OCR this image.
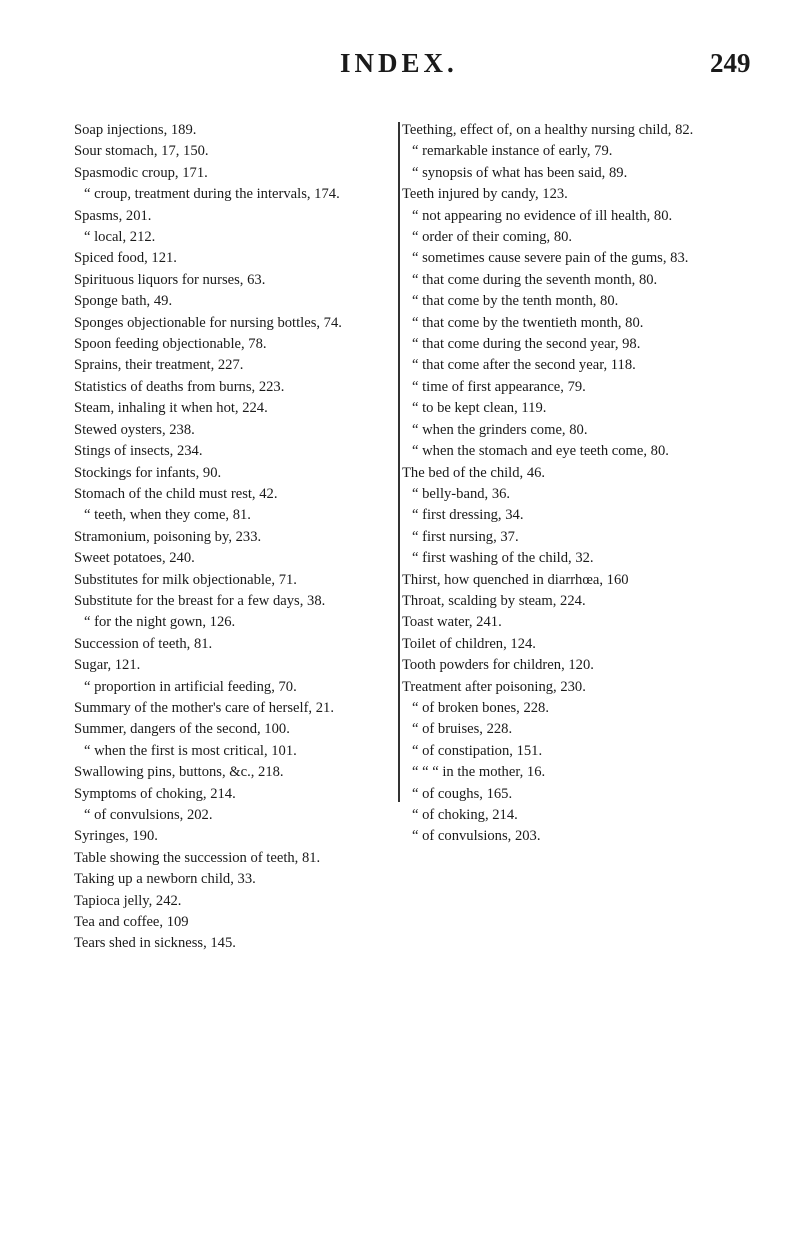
INDEX.	249
Soap injections, 189.
Sour stomach, 17, 150.
Spasmodic croup, 171.
“ croup, treatment during the intervals, 174.
Spasms, 201.
“ local, 212.
Spiced food, 121.
Spirituous liquors for nurses, 63.
Sponge bath, 49.
Sponges objectionable for nursing bottles, 74.
Spoon feeding objectionable, 78.
Sprains, their treatment, 227.
Statistics of deaths from burns, 223.
Steam, inhaling it when hot, 224.
Stewed oysters, 238.
Stings of insects, 234.
Stockings for infants, 90.
Stomach of the child must rest, 42.
“ teeth, when they come, 81.
Stramonium, poisoning by, 233.
Sweet potatoes, 240.
Substitutes for milk objectionable, 71.
Substitute for the breast for a few days, 38.
“ for the night gown, 126.
Succession of teeth, 81.
Sugar, 121.
“ proportion in artificial feeding, 70.
Summary of the mother's care of herself, 21.
Summer, dangers of the second, 100.
“ when the first is most critical, 101.
Swallowing pins, buttons, &c., 218.
Symptoms of choking, 214.
“ of convulsions, 202.
Syringes, 190.
Table showing the succession of teeth, 81.
Taking up a newborn child, 33.
Tapioca jelly, 242.
Tea and coffee, 109
Tears shed in sickness, 145.
Teething, effect of, on a healthy nursing child, 82.
“ remarkable instance of early, 79.
“ synopsis of what has been said, 89.
Teeth injured by candy, 123.
“ not appearing no evidence of ill health, 80.
“ order of their coming, 80.
“ sometimes cause severe pain of the gums, 83.
“ that come during the seventh month, 80.
“ that come by the tenth month, 80.
“ that come by the twentieth month, 80.
“ that come during the second year, 98.
“ that come after the second year, 118.
“ time of first appearance, 79.
“ to be kept clean, 119.
“ when the grinders come, 80.
“ when the stomach and eye teeth come, 80.
The bed of the child, 46.
“ belly-band, 36.
“ first dressing, 34.
“ first nursing, 37.
“ first washing of the child, 32.
Thirst, how quenched in diarrhœa, 160
Throat, scalding by steam, 224.
Toast water, 241.
Toilet of children, 124.
Tooth powders for children, 120.
Treatment after poisoning, 230.
“ of broken bones, 228.
“ of bruises, 228.
“ of constipation, 151.
“ “ “ in the mother, 16.
“ of coughs, 165.
“ of choking, 214.
“ of convulsions, 203.
